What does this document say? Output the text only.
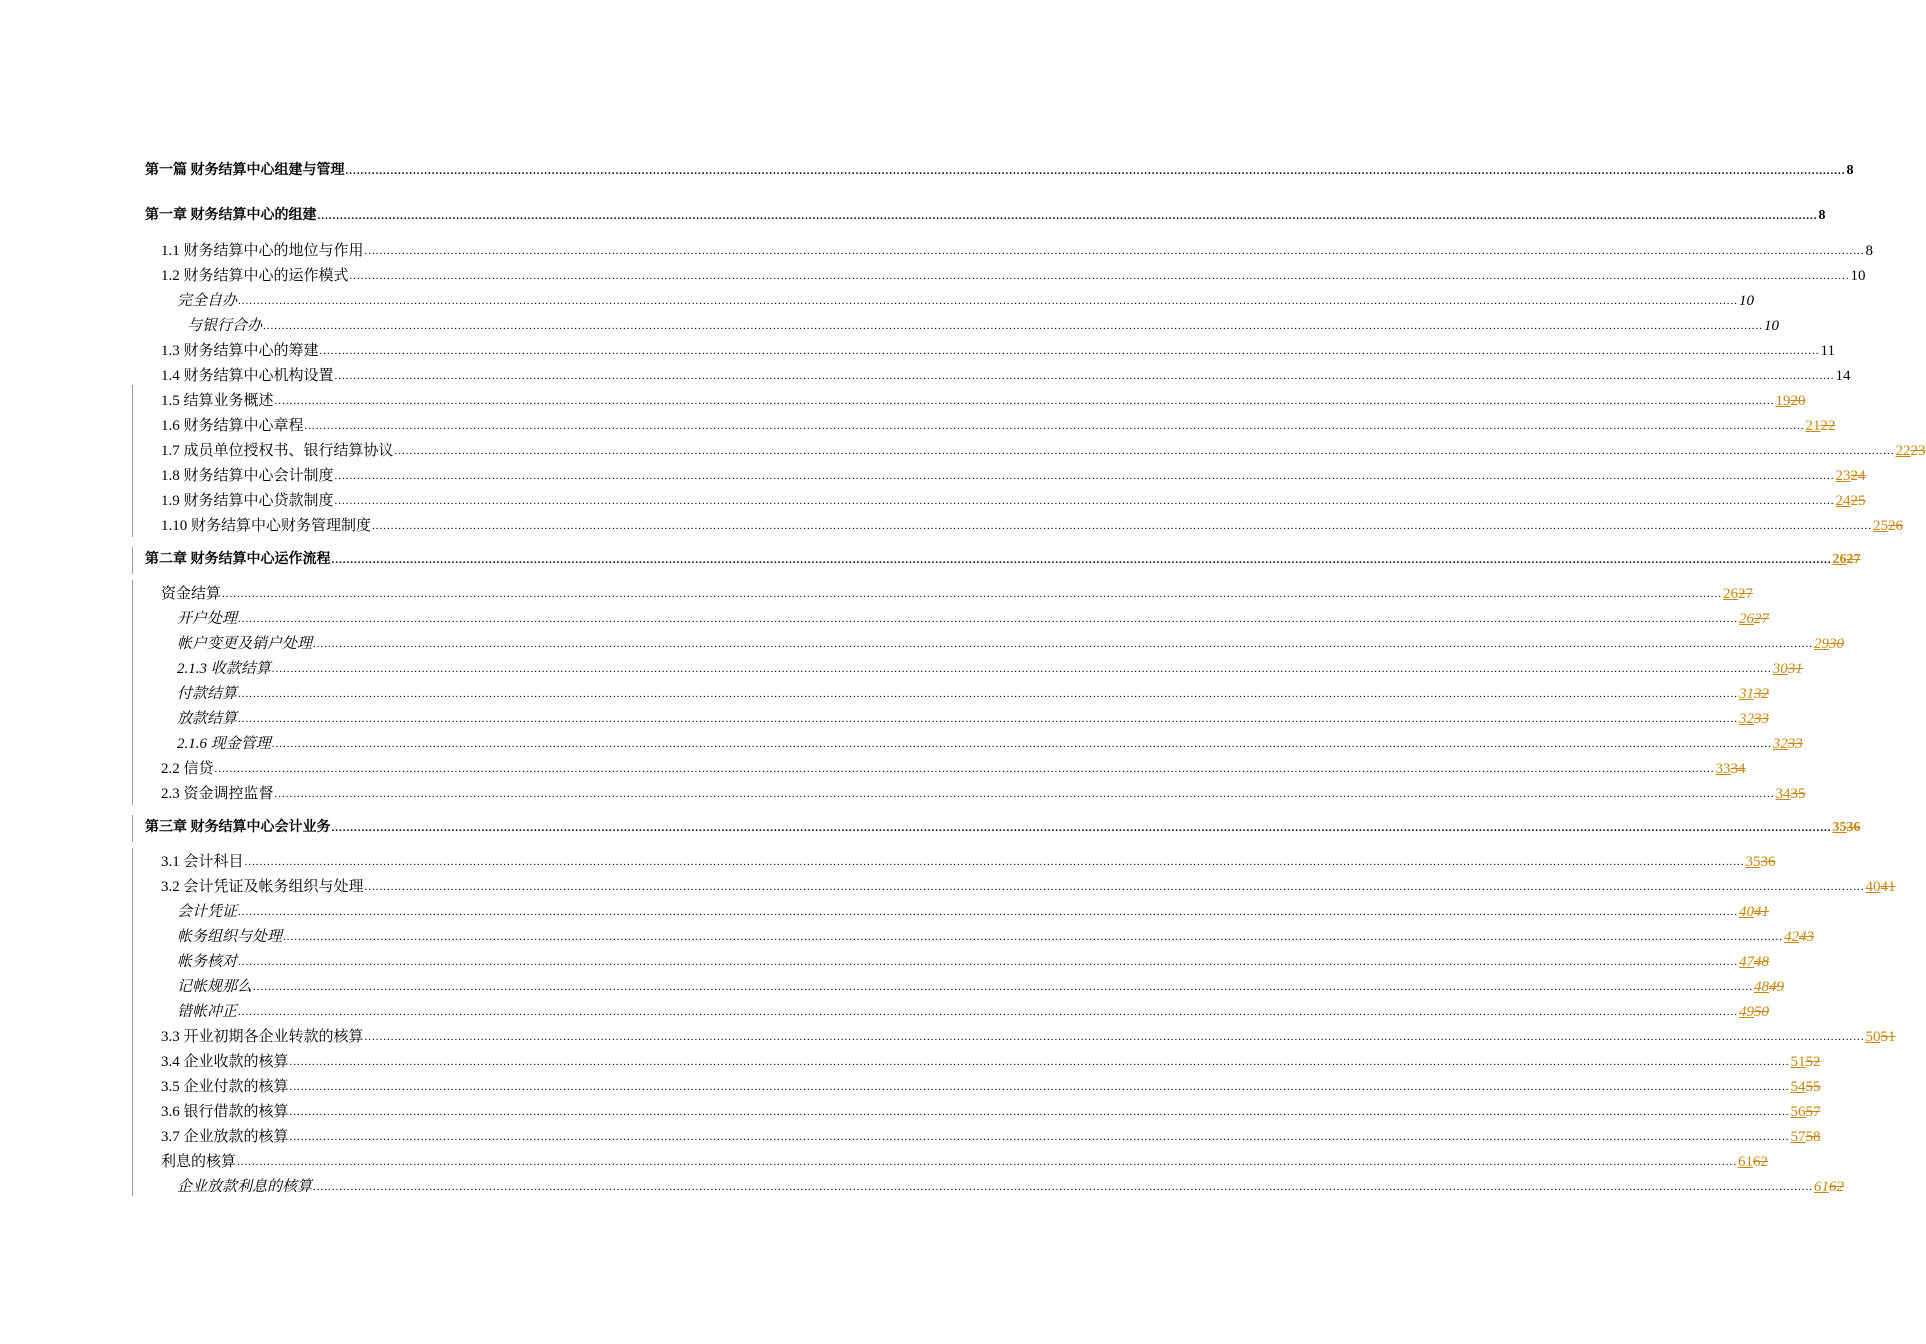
第一篇 财务结算中心组建与管理 ................................................................................................................................................................................................................................................................................................................................................................................................................ 8
第一章 财务结算中心的组建 ................................................................................................................................................................................................................................................................................................................................................................................................................ 8
1.1 财务结算中心的地位与作用 ................................................................................................................................................................................................................................................................................................................................................................................................................ 8
1.2 财务结算中心的运作模式 ................................................................................................................................................................................................................................................................................................................................................................................................................ 10
完全自办 ................................................................................................................................................................................................................................................................................................................................................................................................................ 10
与银行合办 ................................................................................................................................................................................................................................................................................................................................................................................................................ 10
1.3 财务结算中心的筹建 ................................................................................................................................................................................................................................................................................................................................................................................................................ 11
1.4 财务结算中心机构设置 ................................................................................................................................................................................................................................................................................................................................................................................................................ 14
1.5 结算业务概述 ................................................................................................................................................................................................................................................................................................................................................................................................................ 1920
1.6 财务结算中心章程 ................................................................................................................................................................................................................................................................................................................................................................................................................ 2122
1.7 成员单位授权书、银行结算协议 ................................................................................................................................................................................................................................................................................................................................................................................................................ 2223
1.8 财务结算中心会计制度 ................................................................................................................................................................................................................................................................................................................................................................................................................ 2324
1.9 财务结算中心贷款制度 ................................................................................................................................................................................................................................................................................................................................................................................................................ 2425
1.10 财务结算中心财务管理制度 ................................................................................................................................................................................................................................................................................................................................................................................................................ 2526
第二章 财务结算中心运作流程 ................................................................................................................................................................................................................................................................................................................................................................................................................ 2627
资金结算 ................................................................................................................................................................................................................................................................................................................................................................................................................ 2627
开户处理 ................................................................................................................................................................................................................................................................................................................................................................................................................ 2627
帐户变更及销户处理 ................................................................................................................................................................................................................................................................................................................................................................................................................ 2930
2.1.3 收款结算 ................................................................................................................................................................................................................................................................................................................................................................................................................ 3031
付款结算 ................................................................................................................................................................................................................................................................................................................................................................................................................ 3132
放款结算 ................................................................................................................................................................................................................................................................................................................................................................................................................ 3233
2.1.6 现金管理 ................................................................................................................................................................................................................................................................................................................................................................................................................ 3233
2.2 信贷 ................................................................................................................................................................................................................................................................................................................................................................................................................ 3334
2.3 资金调控监督 ................................................................................................................................................................................................................................................................................................................................................................................................................ 3435
第三章 财务结算中心会计业务 ................................................................................................................................................................................................................................................................................................................................................................................................................ 3536
3.1 会计科目 ................................................................................................................................................................................................................................................................................................................................................................................................................ 3536
3.2 会计凭证及帐务组织与处理 ................................................................................................................................................................................................................................................................................................................................................................................................................ 4041
会计凭证 ................................................................................................................................................................................................................................................................................................................................................................................................................ 4041
帐务组织与处理 ................................................................................................................................................................................................................................................................................................................................................................................................................ 4243
帐务核对 ................................................................................................................................................................................................................................................................................................................................................................................................................ 4748
记帐规那么 ................................................................................................................................................................................................................................................................................................................................................................................................................ 4849
错帐冲正 ................................................................................................................................................................................................................................................................................................................................................................................................................ 4950
3.3 开业初期各企业转款的核算 ................................................................................................................................................................................................................................................................................................................................................................................................................ 5051
3.4 企业收款的核算 ................................................................................................................................................................................................................................................................................................................................................................................................................ 5152
3.5 企业付款的核算 ................................................................................................................................................................................................................................................................................................................................................................................................................ 5455
3.6 银行借款的核算 ................................................................................................................................................................................................................................................................................................................................................................................................................ 5657
3.7 企业放款的核算 ................................................................................................................................................................................................................................................................................................................................................................................................................ 5758
利息的核算 ................................................................................................................................................................................................................................................................................................................................................................................................................ 6162
企业放款利息的核算 ................................................................................................................................................................................................................................................................................................................................................................................................................ 6162
